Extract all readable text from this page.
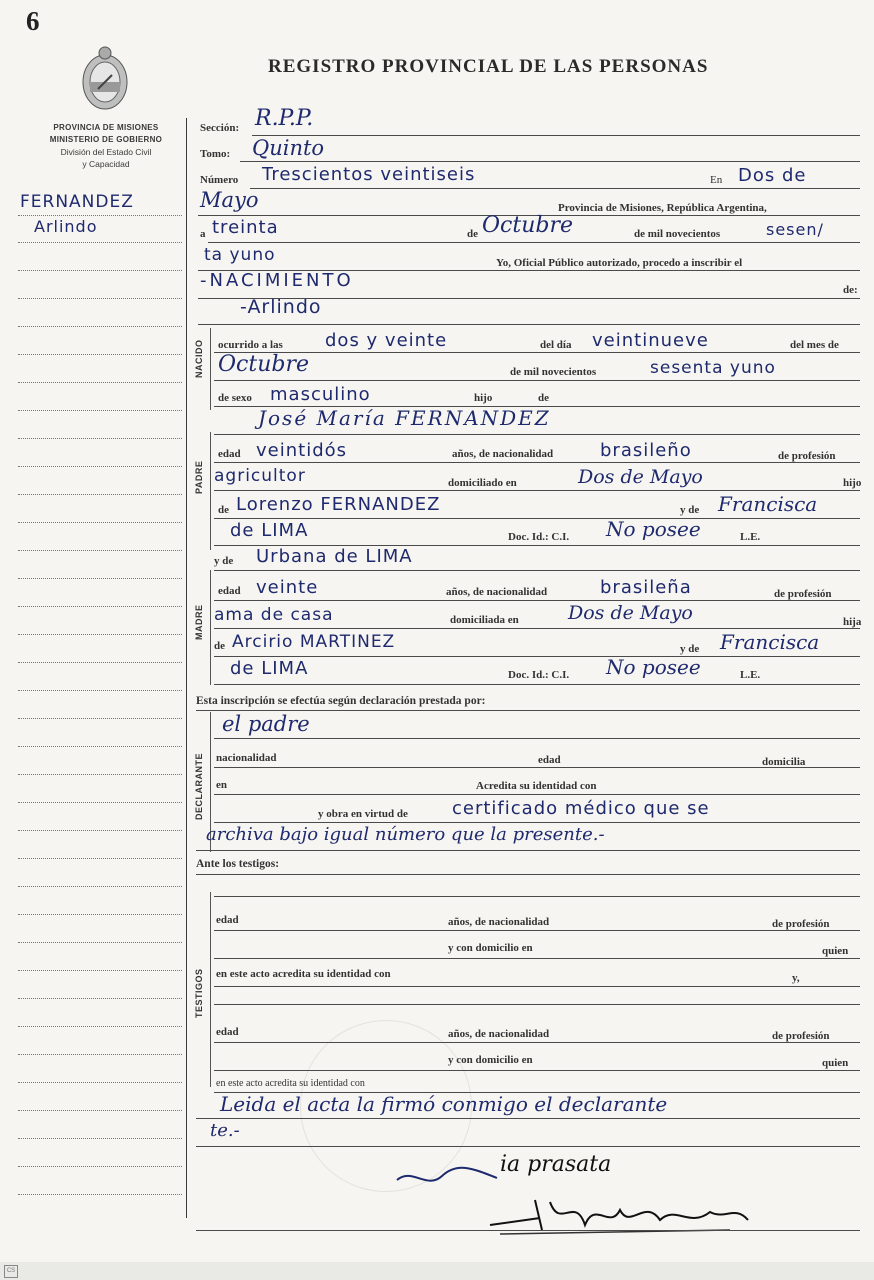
6
REGISTRO PROVINCIAL DE LAS PERSONAS
PROVINCIA DE MISIONES
MINISTERIO DE GOBIERNO
División del Estado Civil
y Capacidad
FERNANDEZ
Arlindo
NACIDO
PADRE
MADRE
DECLARANTE
TESTIGOS
Sección: R.P.P.
Tomo: Quinto
Número Trescientos veintiseis	En Dos de
Mayo	Provincia de Misiones, República Argentina,
a treinta	de Octubre	de mil novecientos	sesen/
ta yuno	Yo, Oficial Público autorizado, procedo a inscribir el
-NACIMIENTO	de:
-Arlindo
ocurrido a las dos y veinte	del día veintinueve	del mes de
Octubre	de mil novecientos	sesenta yuno
de sexo masculino	hijo	de
José María FERNANDEZ
edad veintidós	años, de nacionalidad	brasileño	de profesión
agricultor	domiciliado en	Dos de Mayo	hijo
de Lorenzo FERNANDEZ	y de Francisca
de LIMA	Doc. Id.: C.I. No posee	L.E.
y de Urbana de LIMA
edad veinte	años, de nacionalidad	brasileña	de profesión
ama de casa	domiciliada en	Dos de Mayo	hija
de Arcirio MARTINEZ	y de Francisca
de LIMA	Doc. Id.: C.I. No posee	L.E.
Esta inscripción se efectúa según declaración prestada por:
el padre
nacionalidad	edad	domicilia
en	Acredita su identidad con
y obra en virtud de certificado médico que se
archiva bajo igual número que la presente.-
Ante los testigos:
edad	años, de nacionalidad	de profesión
y con domicilio en	quien
en este acto acredita su identidad con	y,
edad	años, de nacionalidad	de profesión
y con domicilio en	quien
en este acto acredita su identidad con
Leida el acta la firmó conmigo el declarante
te.-
ia prasata
CS
